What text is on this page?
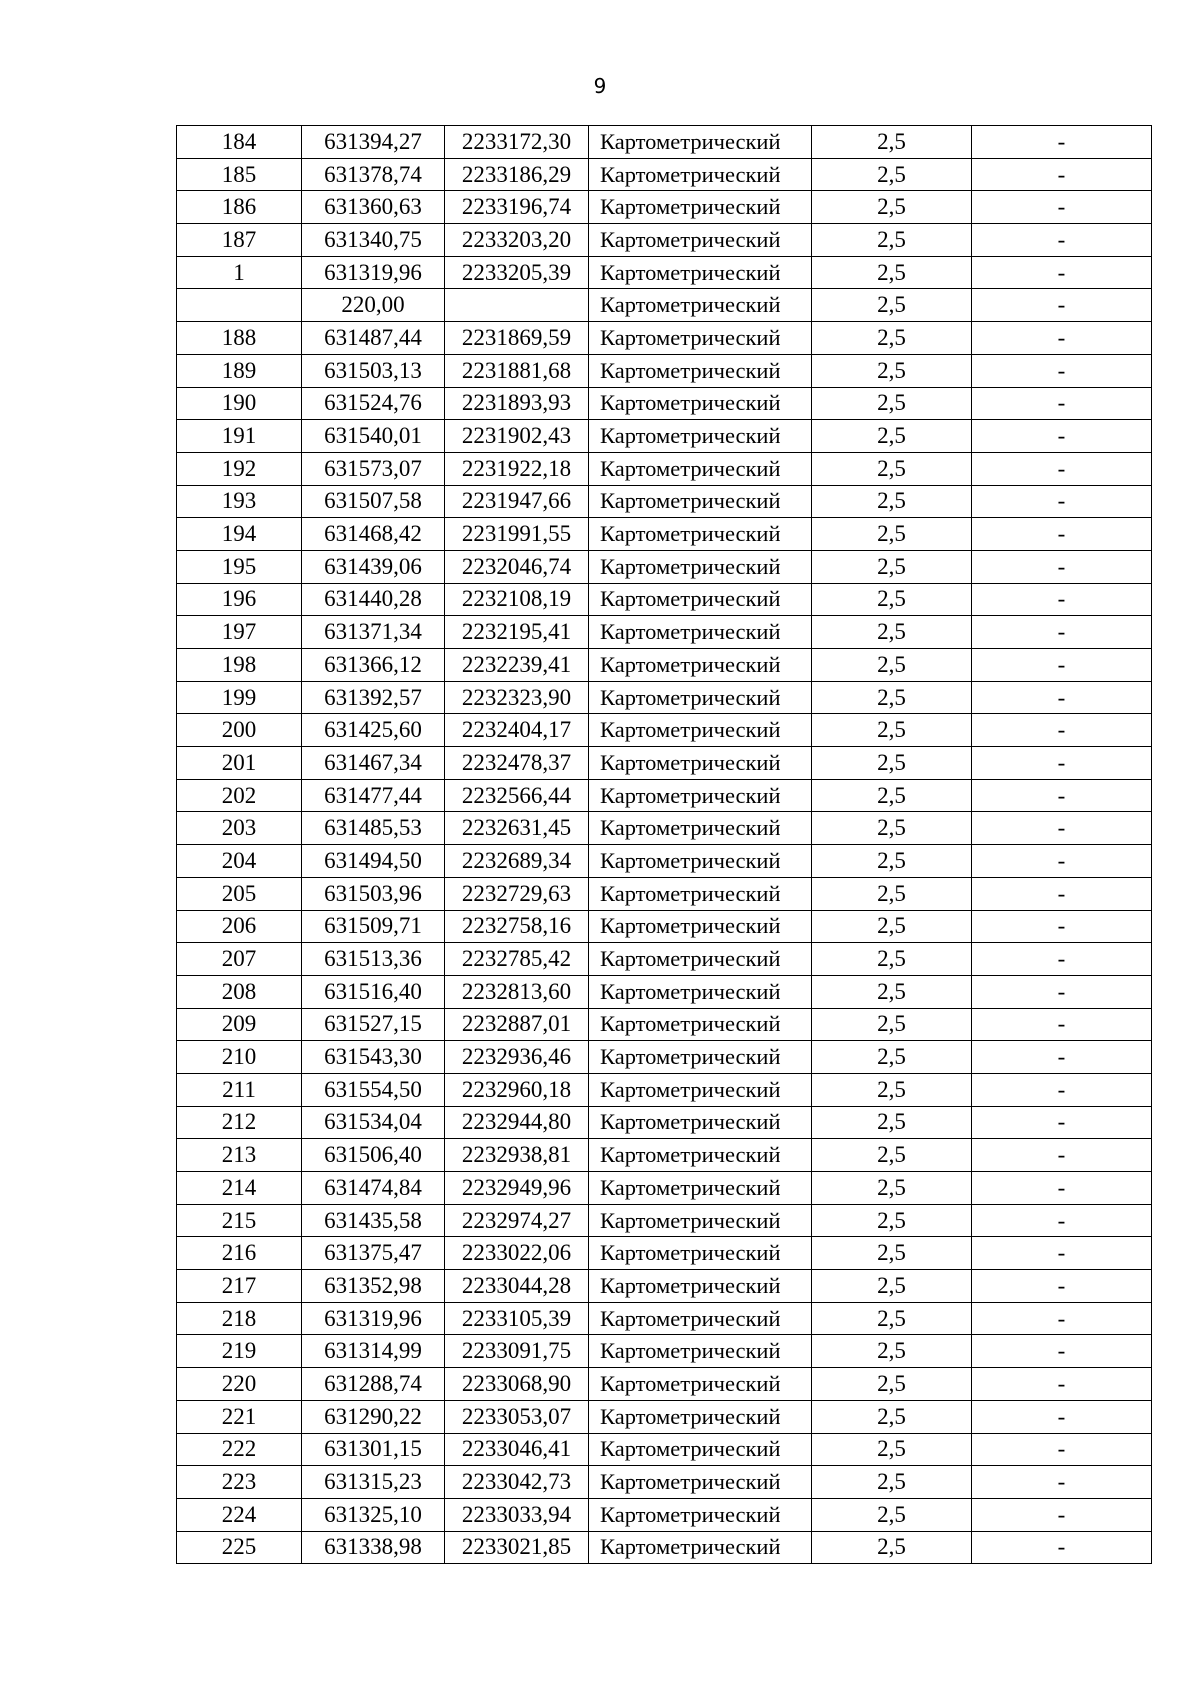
9
184	631394,27	2233172,30	Картометрический	2,5	-
185	631378,74	2233186,29	Картометрический	2,5	-
186	631360,63	2233196,74	Картометрический	2,5	-
187	631340,75	2233203,20	Картометрический	2,5	-
1	631319,96	2233205,39	Картометрический	2,5	-
	220,00		Картометрический	2,5	-
188	631487,44	2231869,59	Картометрический	2,5	-
189	631503,13	2231881,68	Картометрический	2,5	-
190	631524,76	2231893,93	Картометрический	2,5	-
191	631540,01	2231902,43	Картометрический	2,5	-
192	631573,07	2231922,18	Картометрический	2,5	-
193	631507,58	2231947,66	Картометрический	2,5	-
194	631468,42	2231991,55	Картометрический	2,5	-
195	631439,06	2232046,74	Картометрический	2,5	-
196	631440,28	2232108,19	Картометрический	2,5	-
197	631371,34	2232195,41	Картометрический	2,5	-
198	631366,12	2232239,41	Картометрический	2,5	-
199	631392,57	2232323,90	Картометрический	2,5	-
200	631425,60	2232404,17	Картометрический	2,5	-
201	631467,34	2232478,37	Картометрический	2,5	-
202	631477,44	2232566,44	Картометрический	2,5	-
203	631485,53	2232631,45	Картометрический	2,5	-
204	631494,50	2232689,34	Картометрический	2,5	-
205	631503,96	2232729,63	Картометрический	2,5	-
206	631509,71	2232758,16	Картометрический	2,5	-
207	631513,36	2232785,42	Картометрический	2,5	-
208	631516,40	2232813,60	Картометрический	2,5	-
209	631527,15	2232887,01	Картометрический	2,5	-
210	631543,30	2232936,46	Картометрический	2,5	-
211	631554,50	2232960,18	Картометрический	2,5	-
212	631534,04	2232944,80	Картометрический	2,5	-
213	631506,40	2232938,81	Картометрический	2,5	-
214	631474,84	2232949,96	Картометрический	2,5	-
215	631435,58	2232974,27	Картометрический	2,5	-
216	631375,47	2233022,06	Картометрический	2,5	-
217	631352,98	2233044,28	Картометрический	2,5	-
218	631319,96	2233105,39	Картометрический	2,5	-
219	631314,99	2233091,75	Картометрический	2,5	-
220	631288,74	2233068,90	Картометрический	2,5	-
221	631290,22	2233053,07	Картометрический	2,5	-
222	631301,15	2233046,41	Картометрический	2,5	-
223	631315,23	2233042,73	Картометрический	2,5	-
224	631325,10	2233033,94	Картометрический	2,5	-
225	631338,98	2233021,85	Картометрический	2,5	-
